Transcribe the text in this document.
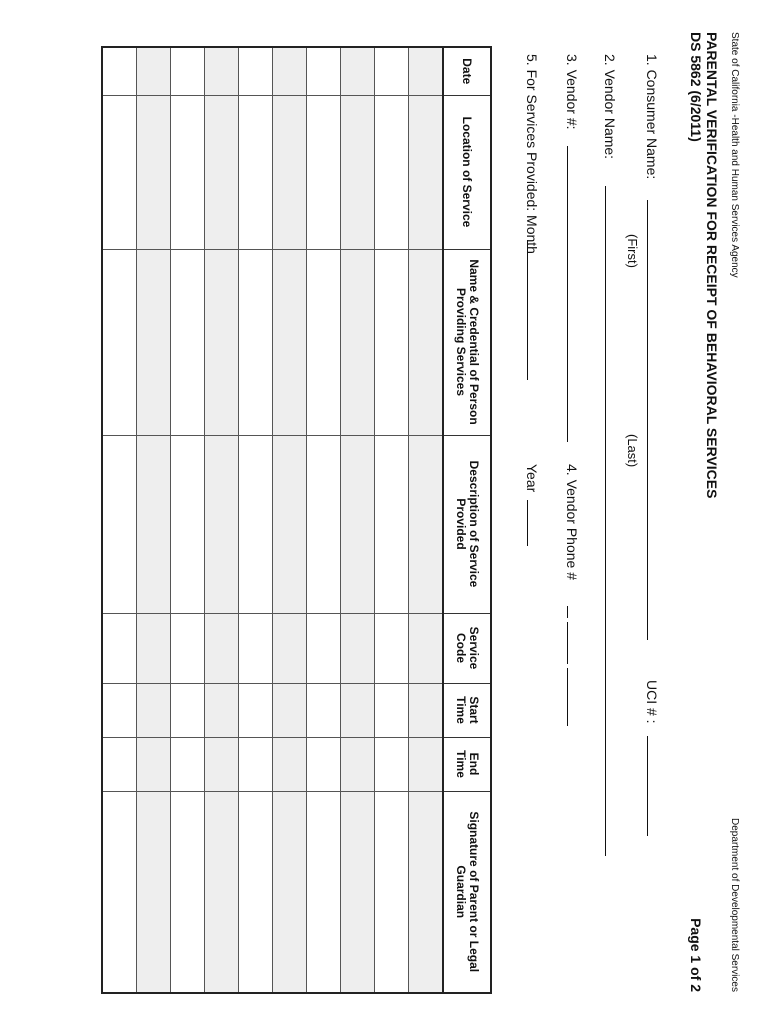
State of California -Health and Human Services Agency
Department of Developmental Services
PARENTAL VERIFICATION FOR RECEIPT OF BEHAVIORAL SERVICES
DS 5862 (6/2011)
Page 1 of 2
1. Consumer Name:
(First)
(Last)
UCI # :
2. Vendor Name:
3. Vendor #:
4. Vendor Phone #

5. For Services Provided: Month
Year
Date	Location of Service	Name & Credential of Person Providing Services	Description of Service Provided	Service Code	Start Time	End Time	Signature of Parent or Legal Guardian
